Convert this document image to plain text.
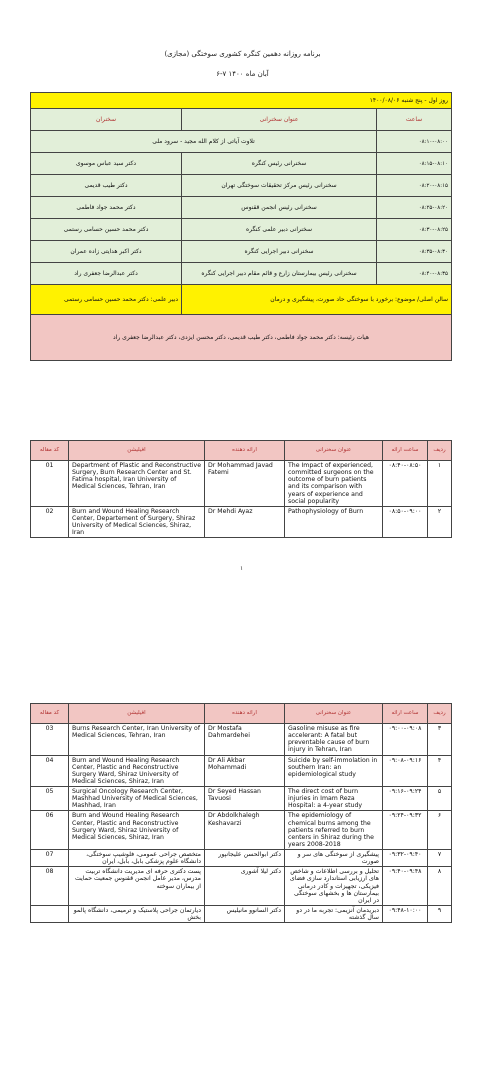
برنامه روزانه دهمین کنگره کشوری سوختگی (مجازی)
۶-۷ آبان ماه ۱۴۰۰
روز اول - پنج شنبه ۱۴۰۰/۰۸/۰۶		
ساعت	عنوان سخنرانی	سخنران
۰۸:۱۰-۰۸:۰۰	تلاوت آیاتی از کلام الله مجید - سرود ملی	
۰۸:۱۵-۰۸:۱۰	سخنرانی رئیس کنگره	دکتر سید عباس موسوی
۰۸:۲۰-۰۸:۱۵	سخنرانی رئیس مرکز تحقیقات سوختگی تهران	دکتر طیب قدیمی
۰۸:۲۵-۰۸:۲۰	سخنرانی رئیس انجمن ققنوس	دکتر محمد جواد فاطمی
۰۸:۳۰-۰۸:۲۵	سخنرانی دبیر علمی کنگره	دکتر محمد حسین حسامی رستمی
۰۸:۳۵-۰۸:۳۰	سخنرانی دبیر اجرایی کنگره	دکتر اکبر هدایتی زاده عمران
۰۸:۴۰-۰۸:۳۵	سخنرانی رئیس بیمارستان زارع و قائم مقام دبیر اجرایی کنگره	دکتر عبدالرضا جعفری راد
سالن اصلی/ موضوع: برخورد با سوختگی حاد صورت، پیشگیری و درمان		دبیر علمی: دکتر محمد حسین حسامی رستمی
هیات رئیسه: دکتر محمد جواد فاطمی، دکتر طیب قدیمی، دکتر محسن ایزدی، دکتر عبدالرضا جعفری راد		
کد مقاله	افیلیشن	ارائه دهنده	عنوان سخنرانی	ساعت ارائه	ردیف
01	Department of Plastic and Reconstructive Surgery, Burn Research Center and St. Fatima hospital, Iran University of Medical Sciences, Tehran, Iran	Dr Mohammad Javad Fatemi	The Impact of experienced, committed surgeons on the outcome of burn patients and its comparison with years of experience and social popularity	۰۸:۴۰-۰۸:۵۰	۱
02	Burn and Wound Healing Research Center, Departement of Surgery, Shiraz University of Medical Sciences, Shiraz, Iran	Dr Mehdi Ayaz	Pathophysiology of Burn	۰۸:۵۰-۰۹:۰۰	۲
١
کد مقاله	افیلیشن	ارائه دهنده	عنوان سخنرانی	ساعت ارائه	ردیف
03	Burns Research Center, Iran University of Medical Sciences, Tehran, Iran	Dr Mostafa Dahmardehei	Gasoline misuse as fire accelerant: A fatal but preventable cause of burn injury in Tehran, Iran	۰۹:۰۰-۰۹:۰۸	۳
04	Burn and Wound Healing Research Center, Plastic and Reconstructive Surgery Ward, Shiraz University of Medical Sciences, Shiraz, Iran	Dr Ali Akbar Mohammadi	Suicide by self-immolation in southern Iran: an epidemiological study	۰۹:۰۸-۰۹:۱۶	۴
05	Surgical Oncology Research Center, Mashhad University of Medical Sciences, Mashhad, Iran	Dr Seyed Hassan Tavuosi	The direct cost of burn injuries in Imam Reza Hospital: a 4-year study	۰۹:۱۶-۰۹:۲۴	۵
06	Burn and Wound Healing Research Center, Plastic and Reconstructive Surgery Ward, Shiraz University of Medical Sciences, Shiraz, Iran	Dr Abdolkhalegh Keshavarzi	The epidemiology of chemical burns among the patients referred to burn centers in Shiraz during the years 2008-2018	۰۹:۲۴-۰۹:۳۲	۶
07	متخصص جراحی عمومی، فلوشیپ سوختگی، دانشگاه علوم پزشکی بابل، بابل، ایران	دکتر ابوالحسن علیجانپور	پیشگیری از سوختگی های سر و صورت	۰۹:۳۲-۰۹:۴۰	۷
08	پست دکتری حرفه ای مدیریت دانشگاه تربیت مدرس، مدیر عامل انجمن ققنوس جمعیت حمایت از بیماران سوخته	دکتر لیلا آشوری	تحلیل و بررسی اطلاعات و شاخص های ارزیابی استاندارد سازی فضای فیزیکی، تجهیزات و کادر درمانی بیمارستان ها و بخشهای سوختگی در ایران	۰۹:۴۰-۰۹:۴۸	۸
	دیارتمان جراحی پلاستیک و ترمیمی، دانشگاه پالمو بخش	دکتر السانوو مانیلیس	دبریدمان آنزیمی: تجربه ما در دو سال گذشته	۰۹:۴۸-۱۰:۰۰	۹
